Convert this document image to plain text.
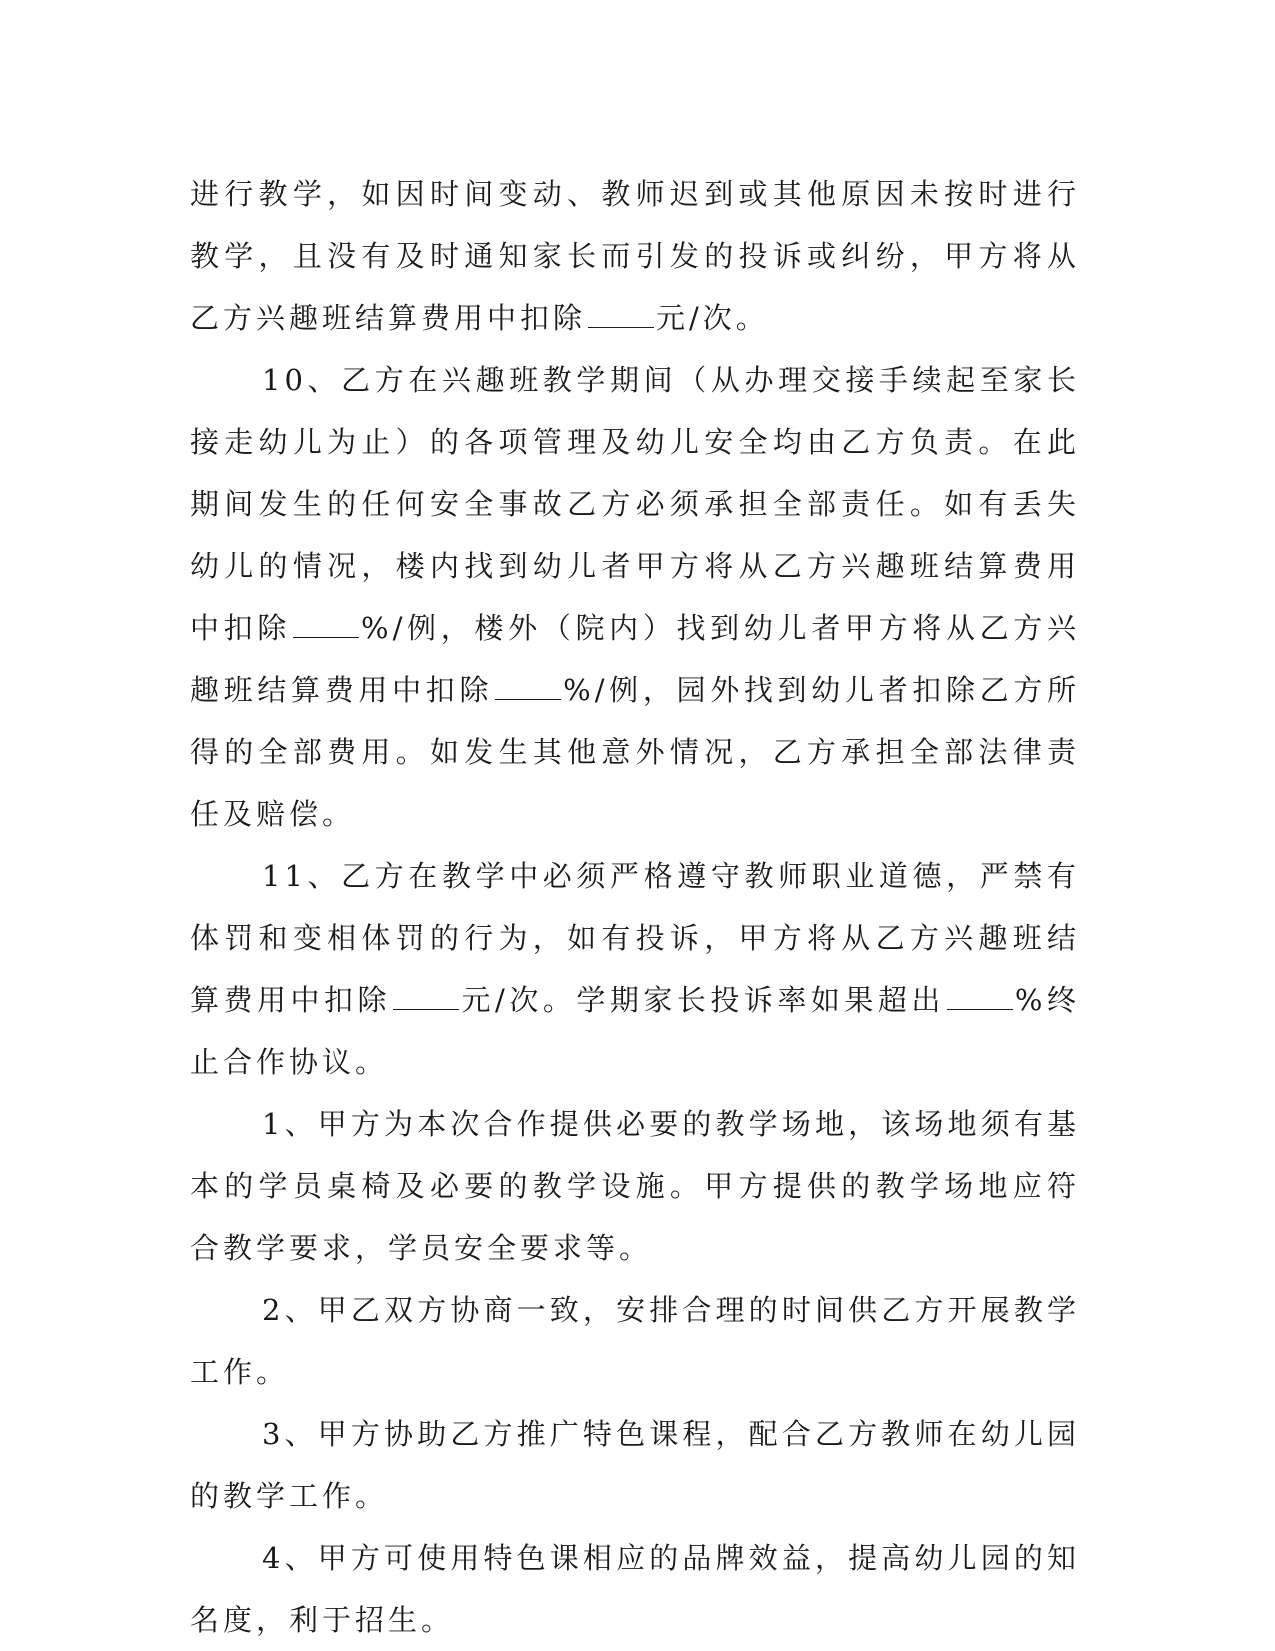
进行教学，如因时间变动、教师迟到或其他原因未按时进行教学，且没有及时通知家长而引发的投诉或纠纷，甲方将从乙方兴趣班结算费用中扣除 元/次。

10、乙方在兴趣班教学期间（从办理交接手续起至家长接走幼儿为止）的各项管理及幼儿安全均由乙方负责。在此期间发生的任何安全事故乙方必须承担全部责任。如有丢失幼儿的情况，楼内找到幼儿者甲方将从乙方兴趣班结算费用中扣除 %/例，楼外（院内）找到幼儿者甲方将从乙方兴趣班结算费用中扣除 %/例，园外找到幼儿者扣除乙方所得的全部费用。如发生其他意外情况，乙方承担全部法律责任及赔偿。

11、乙方在教学中必须严格遵守教师职业道德，严禁有体罚和变相体罚的行为，如有投诉，甲方将从乙方兴趣班结算费用中扣除 元/次。学期家长投诉率如果超出 %终止合作协议。

1、甲方为本次合作提供必要的教学场地，该场地须有基本的学员桌椅及必要的教学设施。甲方提供的教学场地应符合教学要求，学员安全要求等。

2、甲乙双方协商一致，安排合理的时间供乙方开展教学工作。

3、甲方协助乙方推广特色课程，配合乙方教师在幼儿园的教学工作。

4、甲方可使用特色课相应的品牌效益，提高幼儿园的知名度，利于招生。
